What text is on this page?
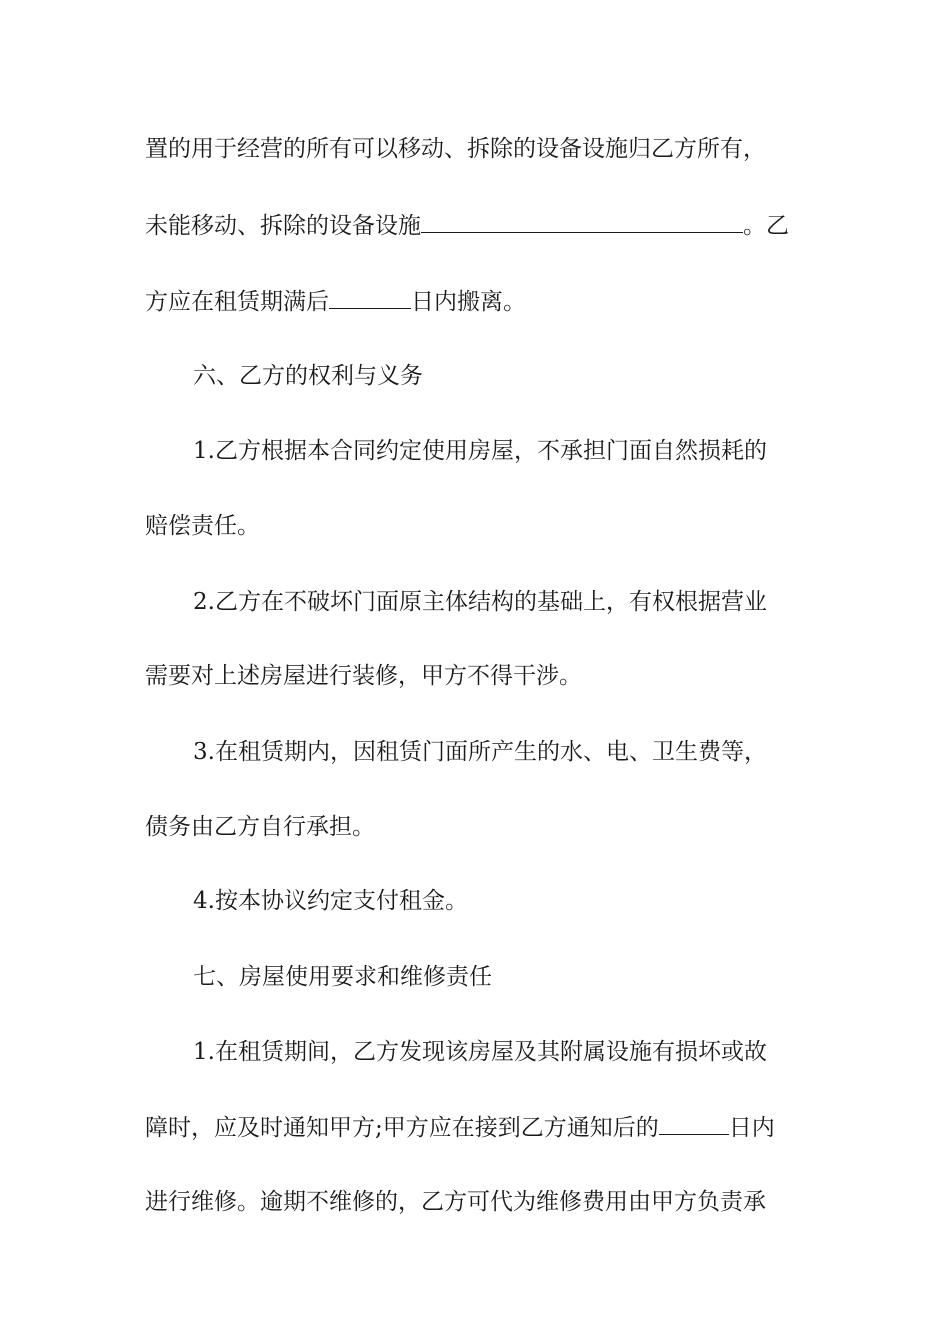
置的用于经营的所有可以移动、拆除的设备设施归乙方所有，
未能移动、拆除的设备设施	。乙
方应在租赁期满后	日内搬离。
六、乙方的权利与义务
1.乙方根据本合同约定使用房屋，不承担门面自然损耗的
赔偿责任。
2.乙方在不破坏门面原主体结构的基础上，有权根据营业
需要对上述房屋进行装修，甲方不得干涉。
3.在租赁期内，因租赁门面所产生的水、电、卫生费等，
债务由乙方自行承担。
4.按本协议约定支付租金。
七、房屋使用要求和维修责任
1.在租赁期间，乙方发现该房屋及其附属设施有损坏或故
障时，应及时通知甲方;甲方应在接到乙方通知后的	日内
进行维修。逾期不维修的，乙方可代为维修费用由甲方负责承
